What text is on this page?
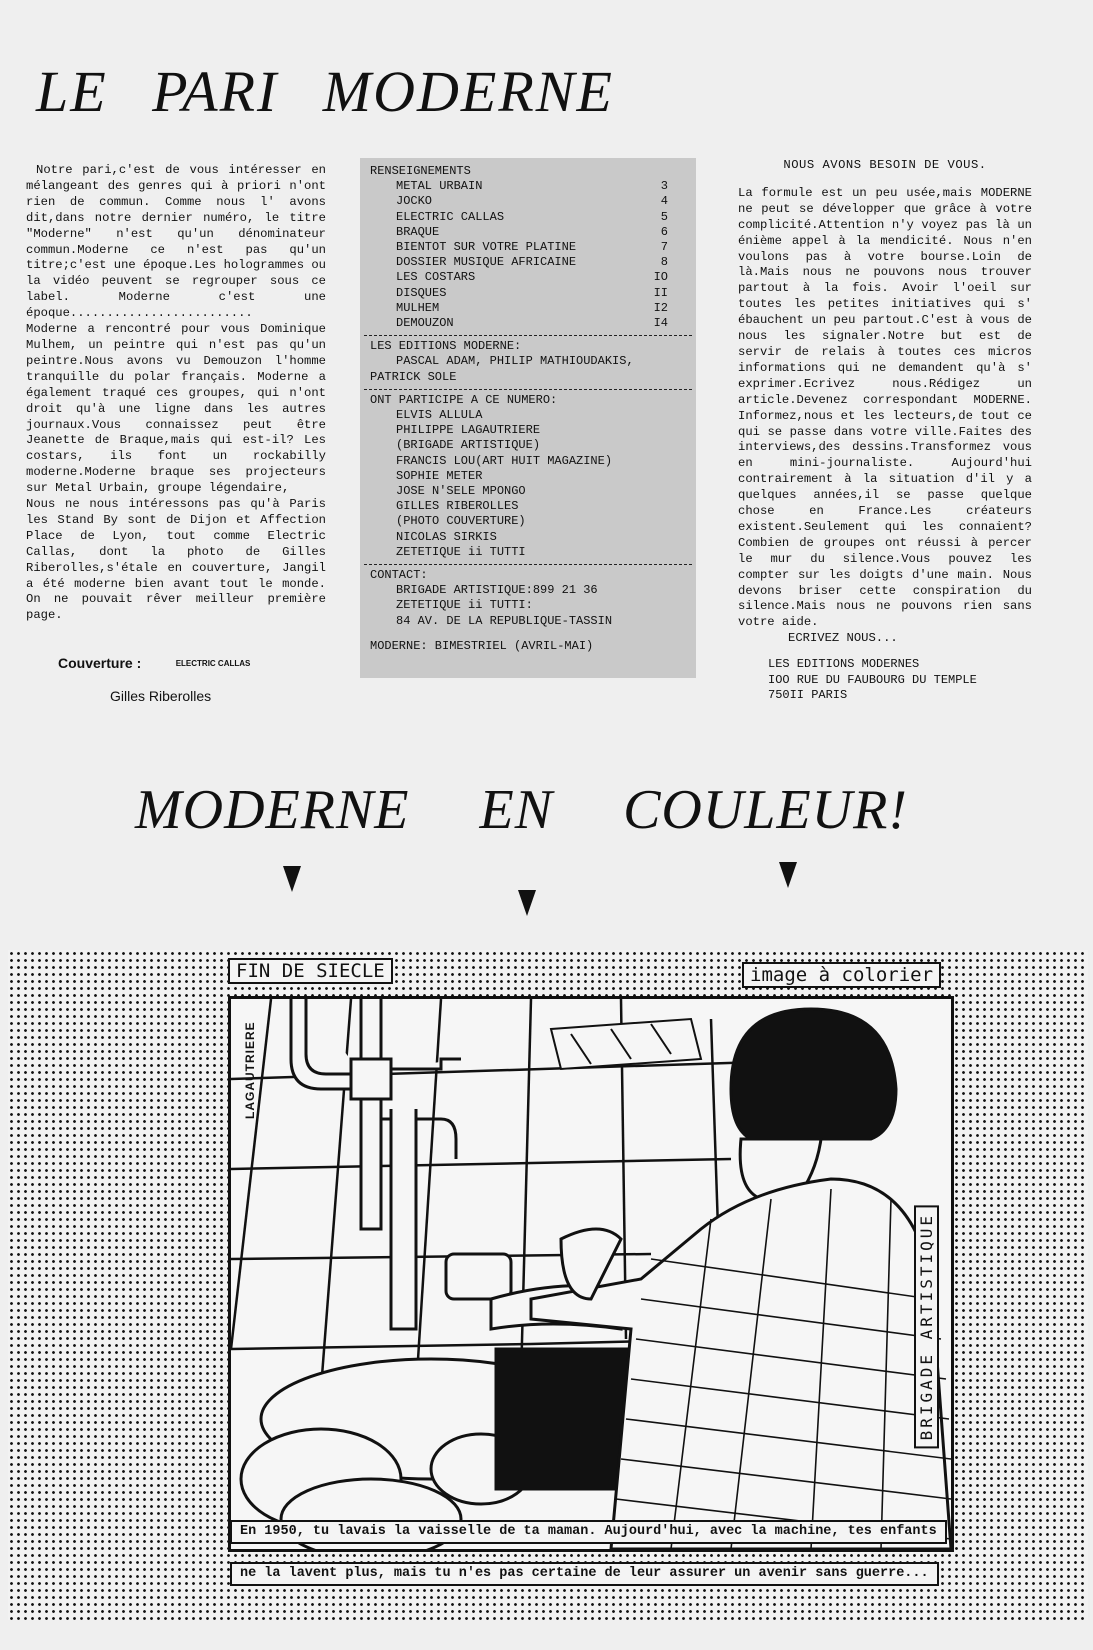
LE PARI MODERNE

Notre pari,c'est de vous intéresser en mélangeant des genres qui à priori n'ont rien de commun. Comme nous l' avons dit,dans notre dernier numéro, le titre "Moderne" n'est qu'un dénominateur commun.Moderne ce n'est pas qu'un titre;c'est une époque.Les hologrammes ou la vidéo peuvent se regrouper sous ce label. Moderne c'est une époque.........................

Moderne a rencontré pour vous Dominique Mulhem, un peintre qui n'est pas qu'un peintre.Nous avons vu Demouzon l'homme tranquille du polar français. Moderne a également traqué ces groupes, qui n'ont droit qu'à une ligne dans les autres journaux.Vous connaissez peut être Jeanette de Braque,mais qui est-il? Les costars, ils font un rockabilly moderne.Moderne braque ses projecteurs sur Metal Urbain, groupe légendaire,

Nous ne nous intéressons pas qu'à Paris les Stand By sont de Dijon et Affection Place de Lyon, tout comme Electric Callas, dont la photo de Gilles Riberolles,s'étale en couverture, Jangil a été moderne bien avant tout le monde. On ne pouvait rêver meilleur première page.

Couverture :	ELECTRIC CALLAS
Gilles Riberolles
RENSEIGNEMENTS
METAL URBAIN	3
JOCKO	4
ELECTRIC CALLAS	5
BRAQUE	6
BIENTOT SUR VOTRE PLATINE	7
DOSSIER MUSIQUE AFRICAINE	8
LES COSTARS	IO
DISQUES	II
MULHEM	I2
DEMOUZON	I4
LES EDITIONS MODERNE:
PASCAL ADAM, PHILIP MATHIOUDAKIS,
PATRICK SOLE
ONT PARTICIPE A CE NUMERO:
ELVIS ALLULA
PHILIPPE LAGAUTRIERE
(BRIGADE ARTISTIQUE)
FRANCIS LOU(ART HUIT MAGAZINE)
SOPHIE METER
JOSE N'SELE MPONGO
GILLES RIBEROLLES
(PHOTO COUVERTURE)
NICOLAS SIRKIS
ZETETIQUE ii TUTTI
CONTACT:
BRIGADE ARTISTIQUE:899 21 36
ZETETIQUE ii TUTTI:
84 AV. DE LA REPUBLIQUE-TASSIN
MODERNE: BIMESTRIEL (AVRIL-MAI)
NOUS AVONS BESOIN DE VOUS.

La formule est un peu usée,mais MODERNE ne peut se développer que grâce à votre complicité.Attention n'y voyez pas là un énième appel à la mendicité. Nous n'en voulons pas à votre bourse.Loin de là.Mais nous ne pouvons nous trouver partout à la fois. Avoir l'oeil sur toutes les petites initiatives qui s' ébauchent un peu partout.C'est à vous de nous les signaler.Notre but est de servir de relais à toutes ces micros informations qui ne demandent qu'à s' exprimer.Ecrivez nous.Rédigez un article.Devenez correspondant MODERNE. Informez,nous et les lecteurs,de tout ce qui se passe dans votre ville.Faites des interviews,des dessins.Transformez vous en mini-journaliste. Aujourd'hui contrairement à la situation d'il y a quelques années,il se passe quelque chose en France.Les créateurs existent.Seulement qui les connaient? Combien de groupes ont réussi à percer le mur du silence.Vous pouvez les compter sur les doigts d'une main. Nous devons briser cette conspiration du silence.Mais nous ne pouvons rien sans votre aide.

ECRIVEZ NOUS...
LES EDITIONS MODERNES
IOO RUE DU FAUBOURG DU TEMPLE
750II PARIS
MODERNE EN COULEUR!
FIN DE SIECLE	image à colorier
LAGAUTRIERE
BRIGADE ARTISTIQUE
En 1950, tu lavais la vaisselle de ta maman. Aujourd'hui, avec la machine, tes enfants
ne la lavent plus, mais tu n'es pas certaine de leur assurer un avenir sans guerre...
